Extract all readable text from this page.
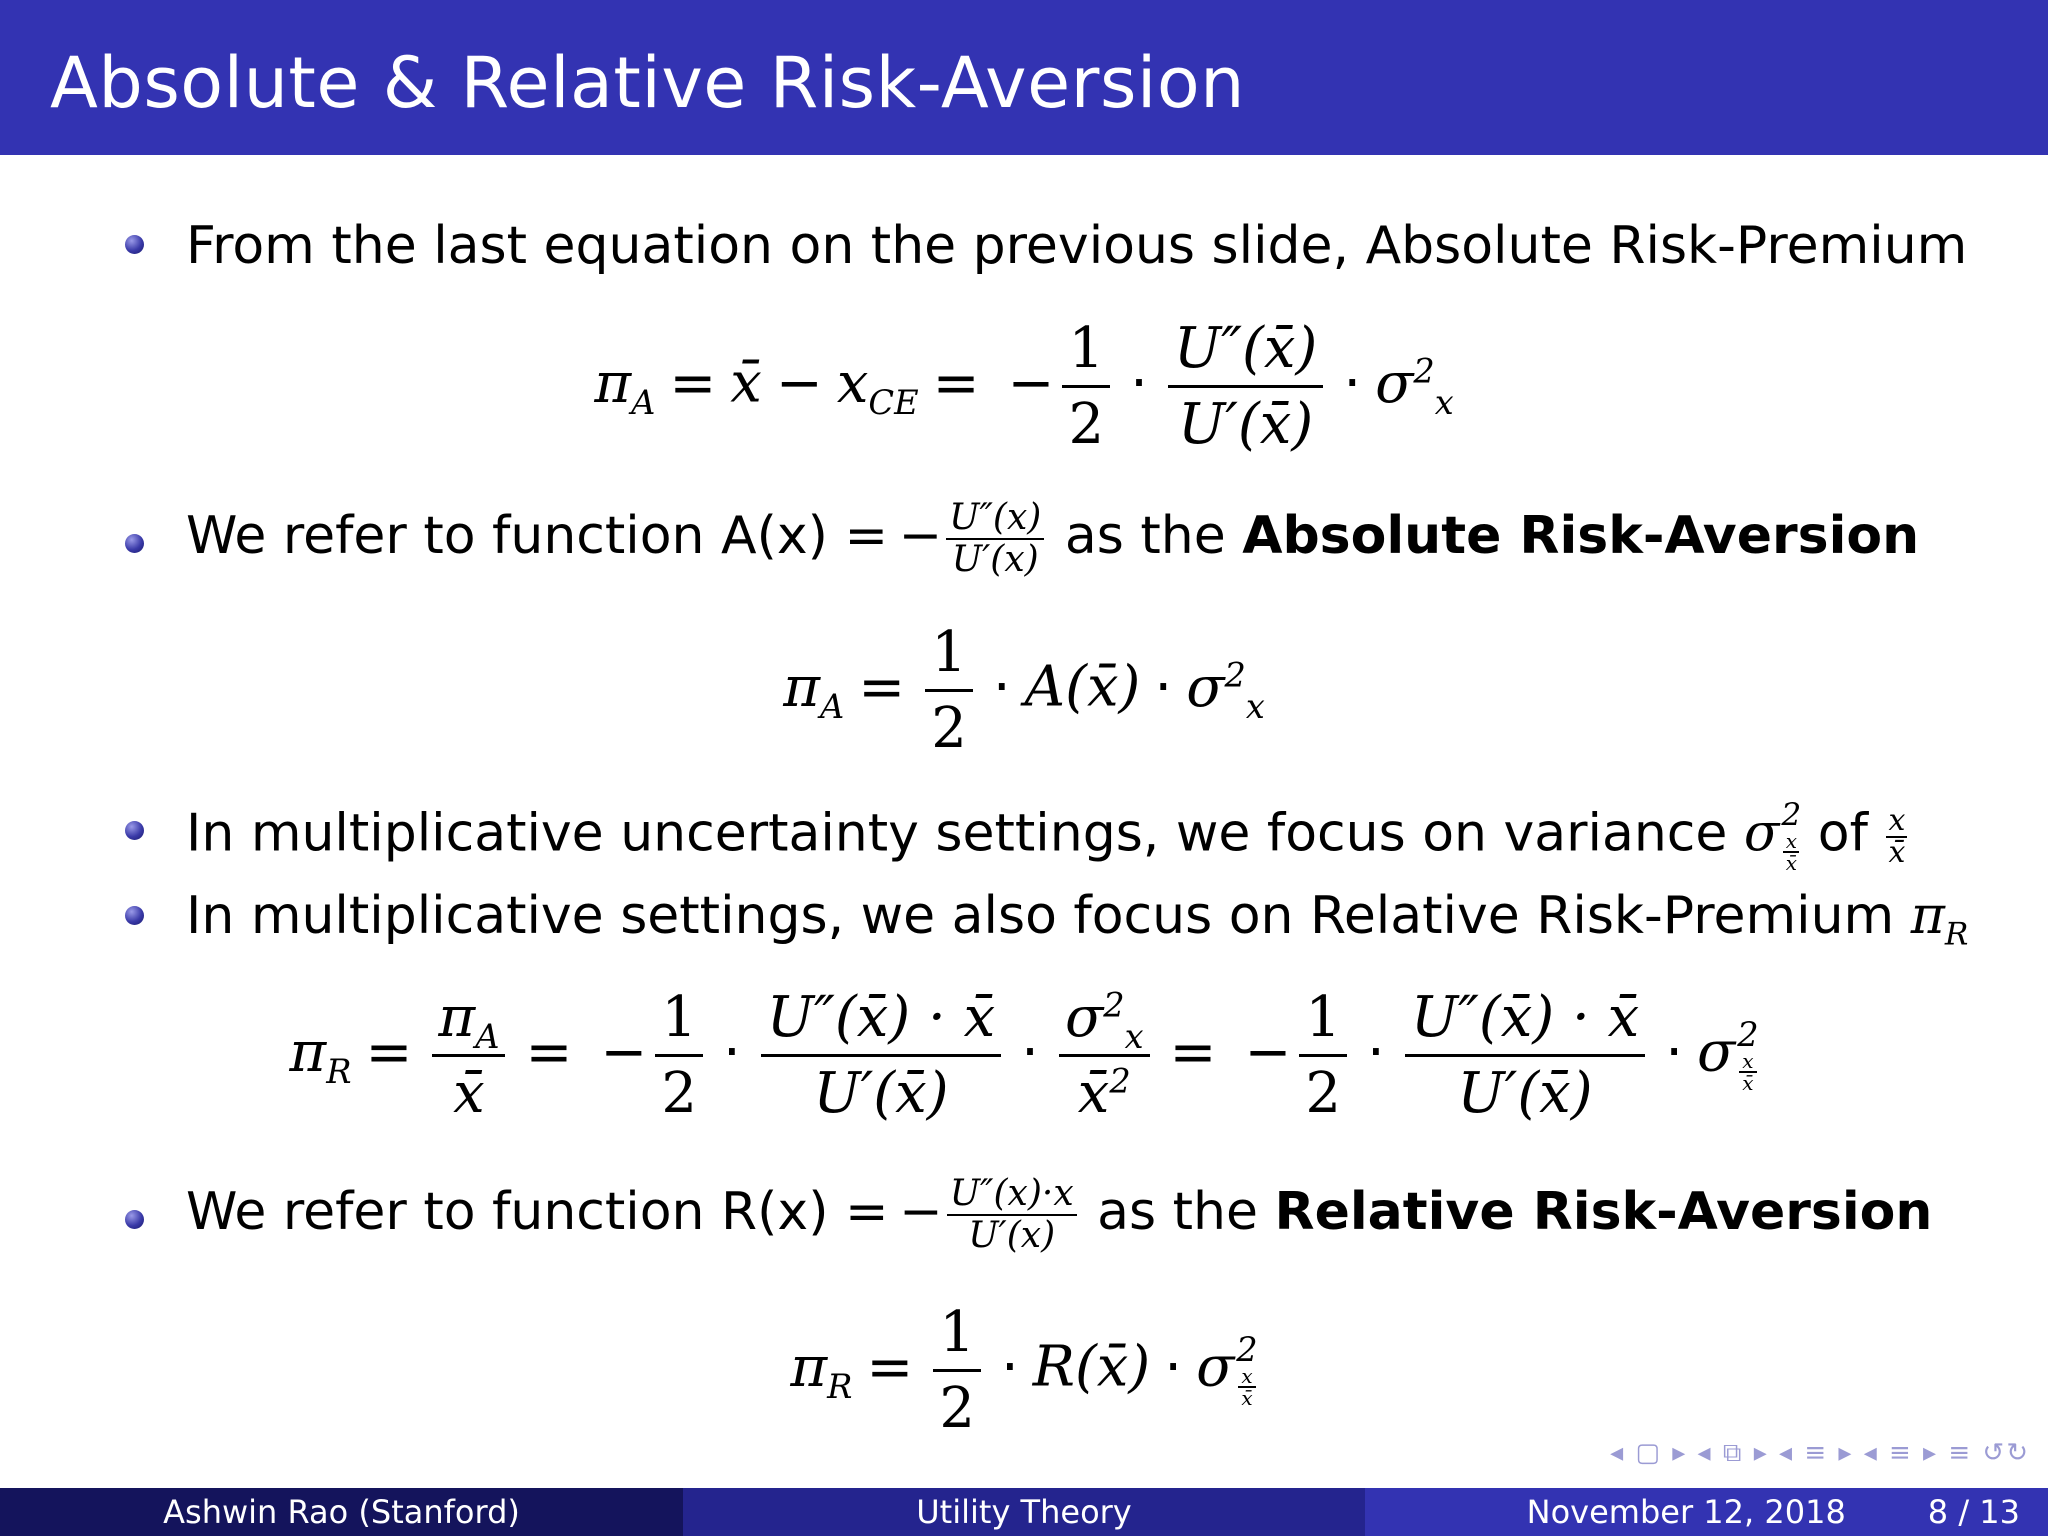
Absolute & Relative Risk-Aversion
From the last equation on the previous slide, Absolute Risk-Premium
$\pi_A$ = x̄ − $x_{CE}$ = − $\frac{1}{2} \cdot \frac{U''(x̄)}{U'(x̄)} \cdot \sigma^2_x$
We refer to function A(x) = − $\frac{U''(x)}{U'(x)}$ as the Absolute Risk-Aversion
$\pi_A = \frac{1}{2}$ · A(x̄) · $\sigma^2_x$
In multiplicative uncertainty settings, we focus on variance σ 2
$\frac{x}{x̄}$ of $\frac{x}{x̄}$
In multiplicative settings, we also focus on Relative Risk-Premium $\pi_R$
$\pi_R = \frac{\pi_A}{x̄}$ = − $\frac{1}{2} \cdot \frac{U''(x̄) \cdot x̄}{U'(x̄)} \cdot \frac{\sigma^2_x}{x̄^2}$ = − $\frac{1}{2} \cdot \frac{U''(x̄) \cdot x̄}{U'(x̄)} \cdot \sigma$ 2
$\frac{x}{x̄}$
We refer to function R(x) = − $\frac{U''(x)\cdot x}{U'(x)}$ as the Relative Risk-Aversion
$\pi_R = \frac{1}{2}$ · R(x̄) · σ 2
$\frac{x}{x̄}$
◂ ▢ ▸ ◂ ⧉ ▸ ◂ ≡ ▸ ◂ ≡ ▸ ≡ ↺↻
Ashwin Rao (Stanford)	Utility Theory	November 12, 2018	8 / 13
